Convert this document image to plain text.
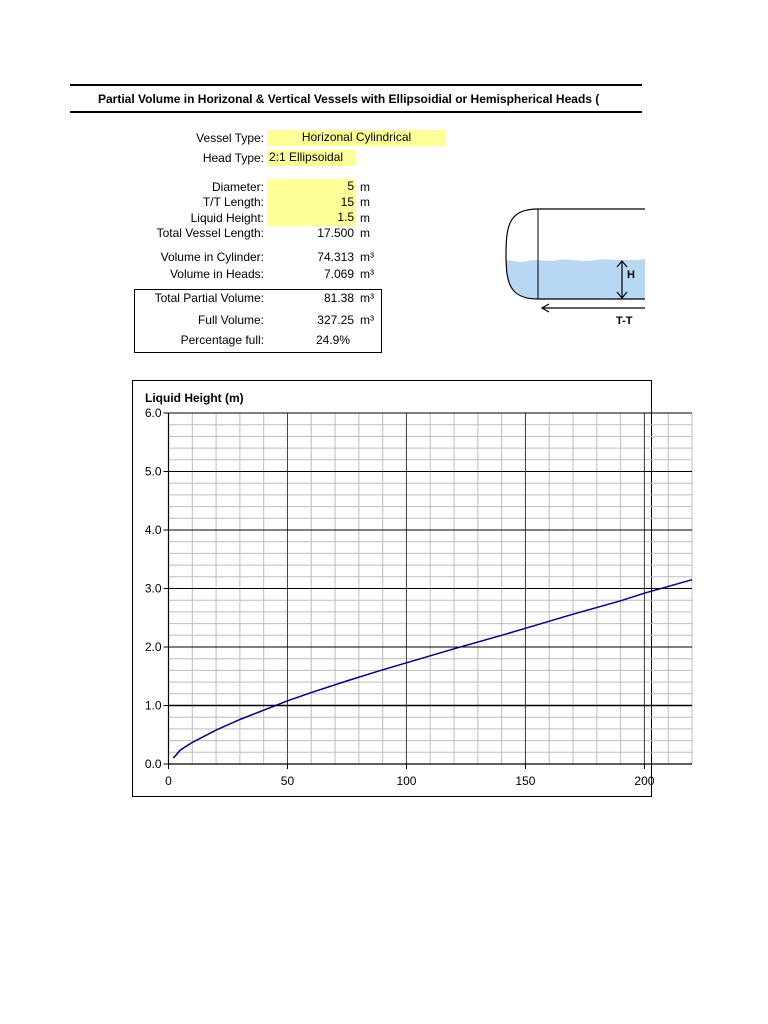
Partial Volume in Horizonal & Vertical Vessels with Ellipsoidial or Hemispherical Heads (
Vessel Type:	Horizonal Cylindrical
Head Type: 2:1 Ellipsoidal
Diameter:	5 m
T/T Length:	15 m
Liquid Height:	1.5 m
Total Vessel Length:	17.500 m
Volume in Cylinder:	74.313 m³
Volume in Heads:	7.069 m³
Total Partial Volume:	81.38 m³
Full Volume:	327.25 m³
Percentage full:	24.9%
H
T-T
Liquid Height (m)
0.0
1.0
2.0
3.0
4.0
5.0
6.0
0	50	100	150	200
